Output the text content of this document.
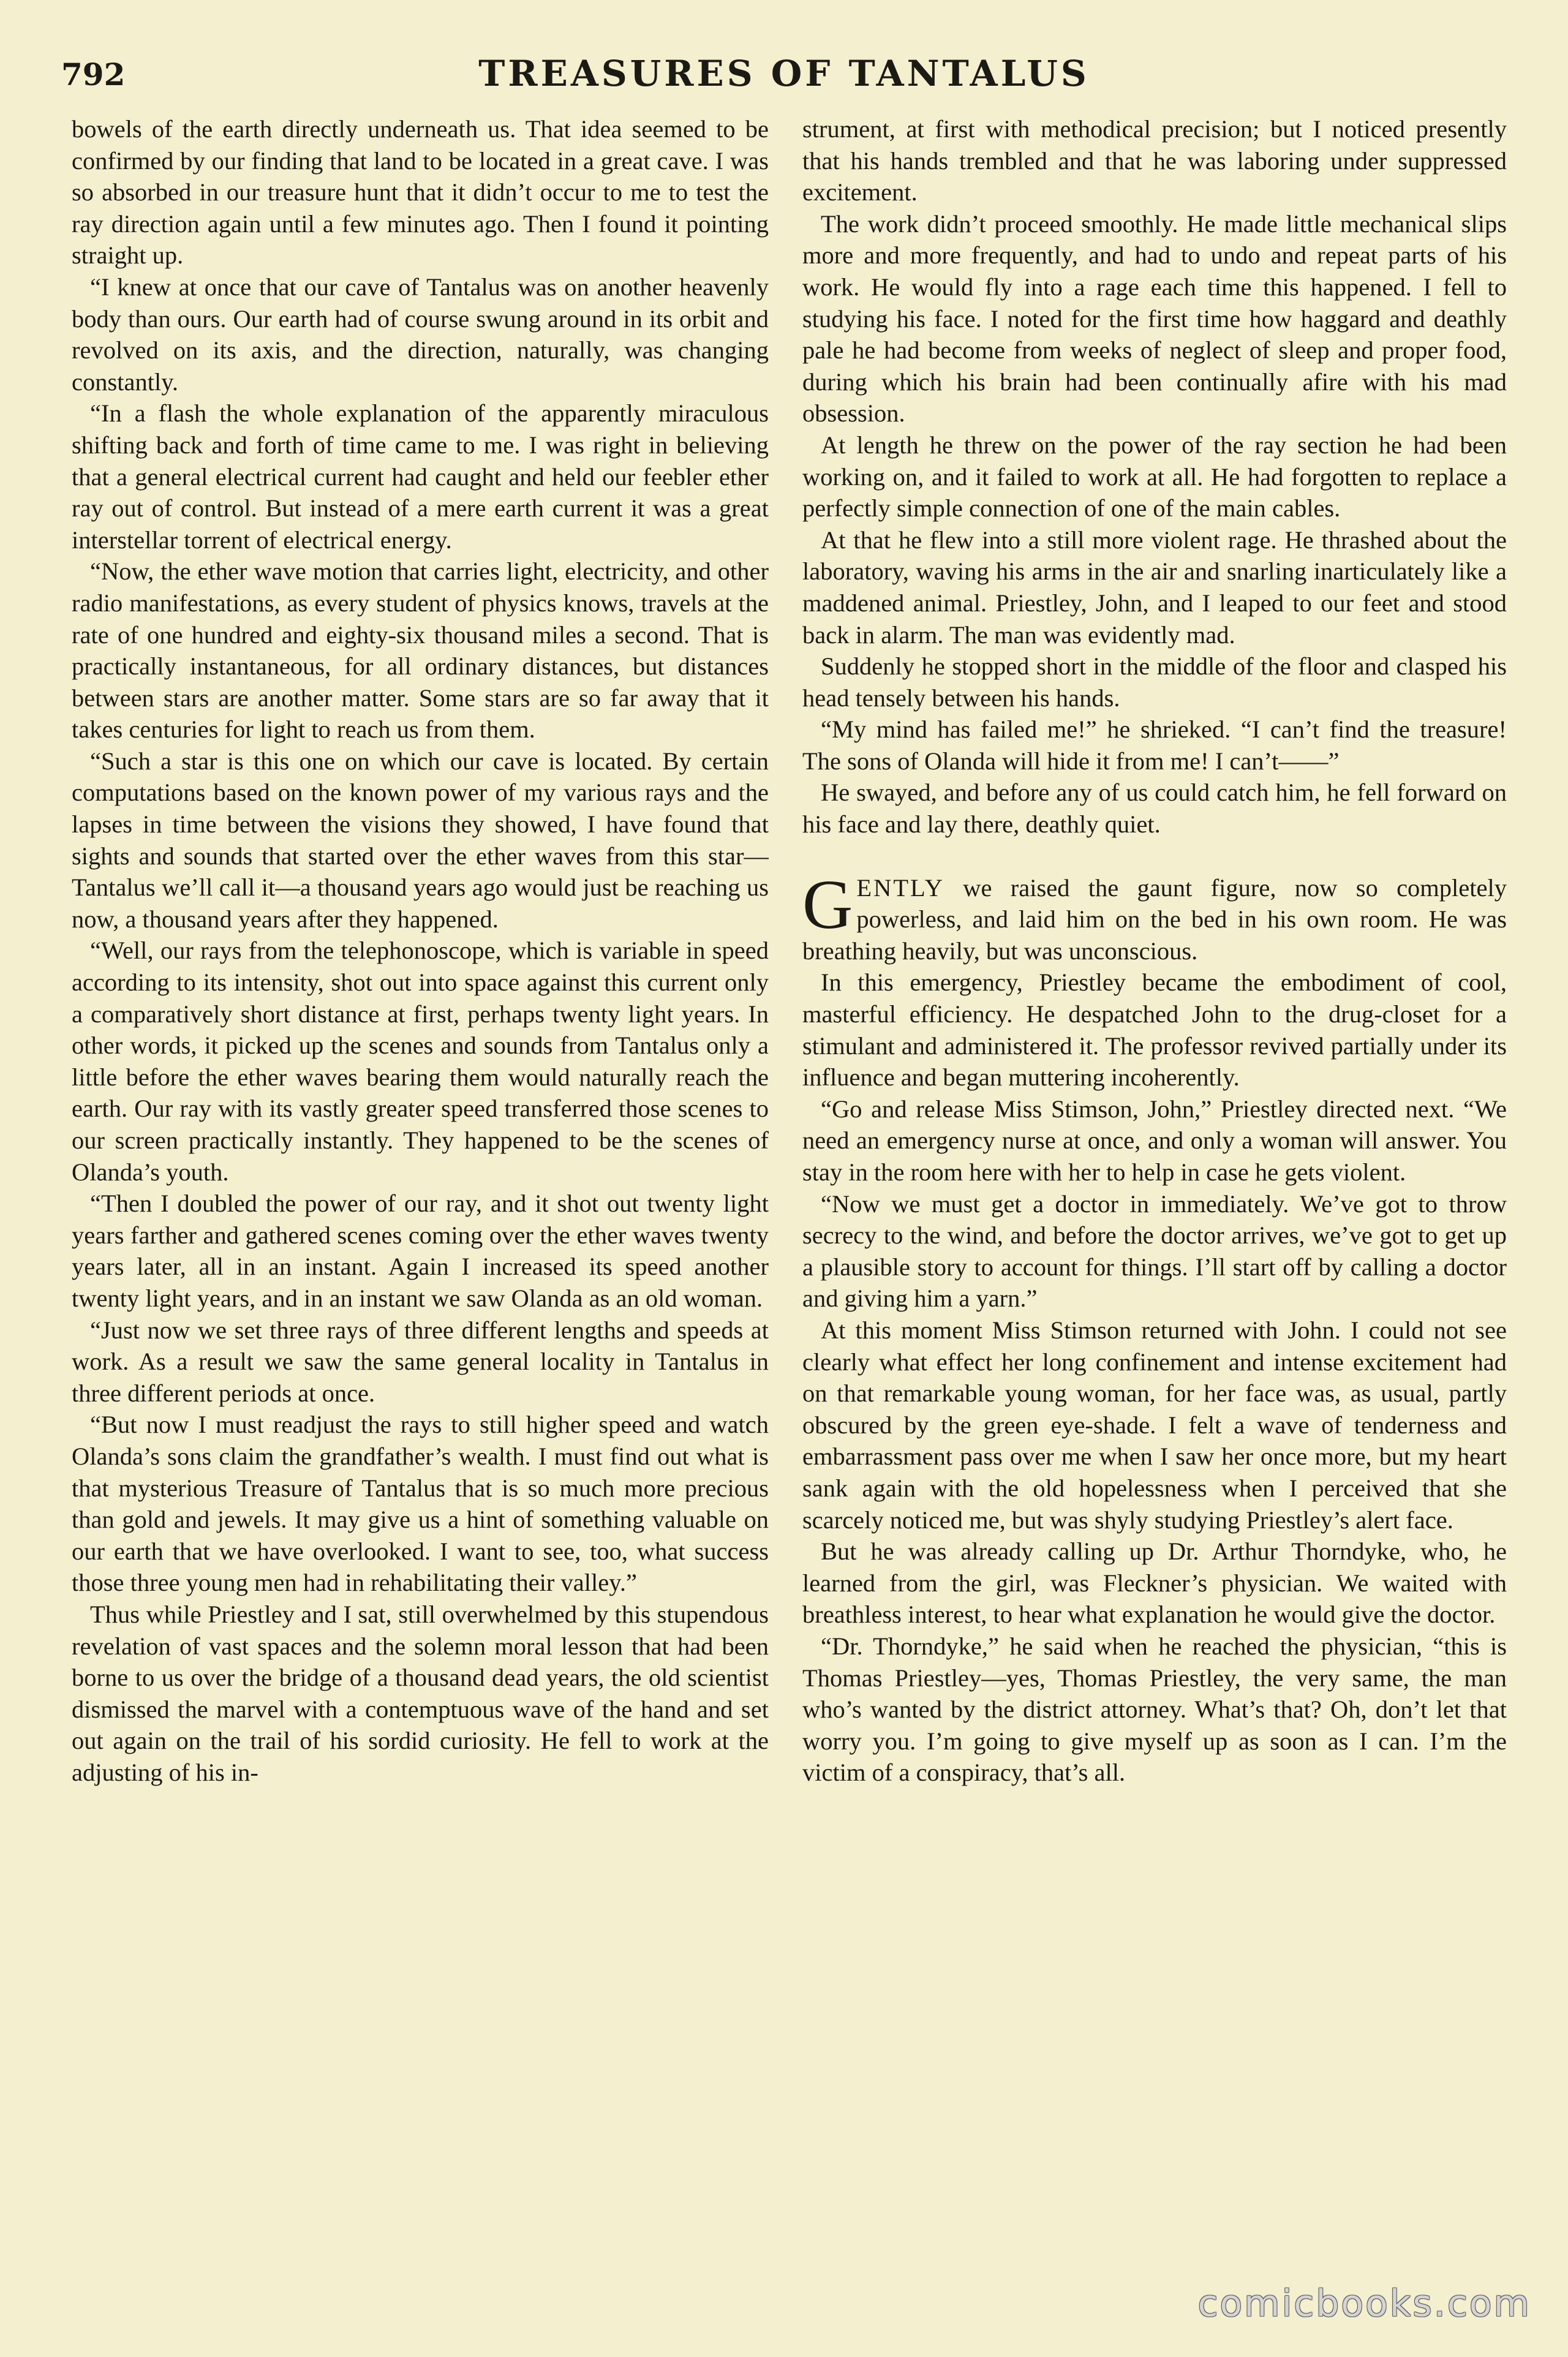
792	TREASURES OF TANTALUS

bowels of the earth directly underneath us. That idea seemed to be confirmed by our finding that land to be located in a great cave. I was so absorbed in our treasure hunt that it didn’t occur to me to test the ray direction again until a few minutes ago. Then I found it pointing straight up.

“I knew at once that our cave of Tantalus was on another heavenly body than ours. Our earth had of course swung around in its orbit and revolved on its axis, and the direction, naturally, was changing constantly.

“In a flash the whole explanation of the apparently miraculous shifting back and forth of time came to me. I was right in believing that a general electrical current had caught and held our feebler ether ray out of control. But instead of a mere earth current it was a great interstellar torrent of electrical energy.

“Now, the ether wave motion that carries light, electricity, and other radio manifestations, as every student of physics knows, travels at the rate of one hundred and eighty-six thousand miles a second. That is practically instantaneous, for all ordinary distances, but distances between stars are another matter. Some stars are so far away that it takes centuries for light to reach us from them.

“Such a star is this one on which our cave is located. By certain computations based on the known power of my various rays and the lapses in time between the visions they showed, I have found that sights and sounds that started over the ether waves from this star—Tantalus we’ll call it—a thousand years ago would just be reaching us now, a thousand years after they happened.

“Well, our rays from the telephonoscope, which is variable in speed according to its intensity, shot out into space against this current only a comparatively short distance at first, perhaps twenty light years. In other words, it picked up the scenes and sounds from Tantalus only a little before the ether waves bearing them would naturally reach the earth. Our ray with its vastly greater speed transferred those scenes to our screen practically instantly. They happened to be the scenes of Olanda’s youth.

“Then I doubled the power of our ray, and it shot out twenty light years farther and gathered scenes coming over the ether waves twenty years later, all in an instant. Again I increased its speed another twenty light years, and in an instant we saw Olanda as an old woman.

“Just now we set three rays of three different lengths and speeds at work. As a result we saw the same general locality in Tantalus in three different periods at once.

“But now I must readjust the rays to still higher speed and watch Olanda’s sons claim the grandfather’s wealth. I must find out what is that mysterious Treasure of Tantalus that is so much more precious than gold and jewels. It may give us a hint of something valuable on our earth that we have overlooked. I want to see, too, what success those three young men had in rehabilitating their valley.”

Thus while Priestley and I sat, still overwhelmed by this stupendous revelation of vast spaces and the solemn moral lesson that had been borne to us over the bridge of a thousand dead years, the old scientist dismissed the marvel with a contemptuous wave of the hand and set out again on the trail of his sordid curiosity. He fell to work at the adjusting of his in-

strument, at first with methodical precision; but I noticed presently that his hands trembled and that he was laboring under suppressed excitement.

The work didn’t proceed smoothly. He made little mechanical slips more and more frequently, and had to undo and repeat parts of his work. He would fly into a rage each time this happened. I fell to studying his face. I noted for the first time how haggard and deathly pale he had become from weeks of neglect of sleep and proper food, during which his brain had been continually afire with his mad obsession.

At length he threw on the power of the ray section he had been working on, and it failed to work at all. He had forgotten to replace a perfectly simple connection of one of the main cables.

At that he flew into a still more violent rage. He thrashed about the laboratory, waving his arms in the air and snarling inarticulately like a maddened animal. Priestley, John, and I leaped to our feet and stood back in alarm. The man was evidently mad.

Suddenly he stopped short in the middle of the floor and clasped his head tensely between his hands.

“My mind has failed me!” he shrieked. “I can’t find the treasure! The sons of Olanda will hide it from me! I can’t——”

He swayed, and before any of us could catch him, he fell forward on his face and lay there, deathly quiet.

GENTLY we raised the gaunt figure, now so completely powerless, and laid him on the bed in his own room. He was breathing heavily, but was unconscious.

In this emergency, Priestley became the embodiment of cool, masterful efficiency. He despatched John to the drug-closet for a stimulant and administered it. The professor revived partially under its influence and began muttering incoherently.

“Go and release Miss Stimson, John,” Priestley directed next. “We need an emergency nurse at once, and only a woman will answer. You stay in the room here with her to help in case he gets violent.

“Now we must get a doctor in immediately. We’ve got to throw secrecy to the wind, and before the doctor arrives, we’ve got to get up a plausible story to account for things. I’ll start off by calling a doctor and giving him a yarn.”

At this moment Miss Stimson returned with John. I could not see clearly what effect her long confinement and intense excitement had on that remarkable young woman, for her face was, as usual, partly obscured by the green eye-shade. I felt a wave of tenderness and embarrassment pass over me when I saw her once more, but my heart sank again with the old hopelessness when I perceived that she scarcely noticed me, but was shyly studying Priestley’s alert face.

But he was already calling up Dr. Arthur Thorndyke, who, he learned from the girl, was Fleckner’s physician. We waited with breathless interest, to hear what explanation he would give the doctor.

“Dr. Thorndyke,” he said when he reached the physician, “this is Thomas Priestley—yes, Thomas Priestley, the very same, the man who’s wanted by the district attorney. What’s that? Oh, don’t let that worry you. I’m going to give myself up as soon as I can. I’m the victim of a conspiracy, that’s all.

comicbooks.com
